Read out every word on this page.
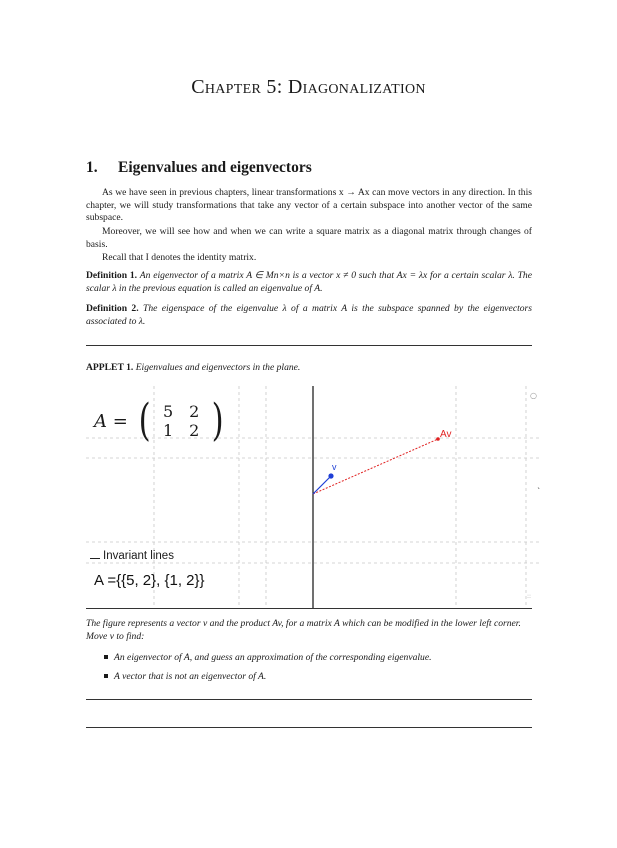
Chapter 5: Diagonalization
1. Eigenvalues and eigenvectors
As we have seen in previous chapters, linear transformations x → Ax can move vectors in any direction. In this chapter, we will study transformations that take any vector of a certain subspace into another vector of the same subspace.
Moreover, we will see how and when we can write a square matrix as a diagonal matrix through changes of basis.
Recall that I denotes the identity matrix.
Definition 1. An eigenvector of a matrix A ∈ Mn×n is a vector x ≠ 0 such that Ax = λx for a certain scalar λ. The scalar λ in the previous equation is called an eigenvalue of A.
Definition 2. The eigenspace of the eigenvalue λ of a matrix A is the subspace spanned by the eigenvectors associated to λ.
APPLET 1. Eigenvalues and eigenvectors in the plane.
Av
v
○
`
::
A = ( 5	2
1	2 )
Invariant lines
A ={{5, 2}, {1, 2}}
The figure represents a vector v and the product Av, for a matrix A which can be modified in the lower left corner. Move v to find:
An eigenvector of A, and guess an approximation of the corresponding eigenvalue.
A vector that is not an eigenvector of A.
